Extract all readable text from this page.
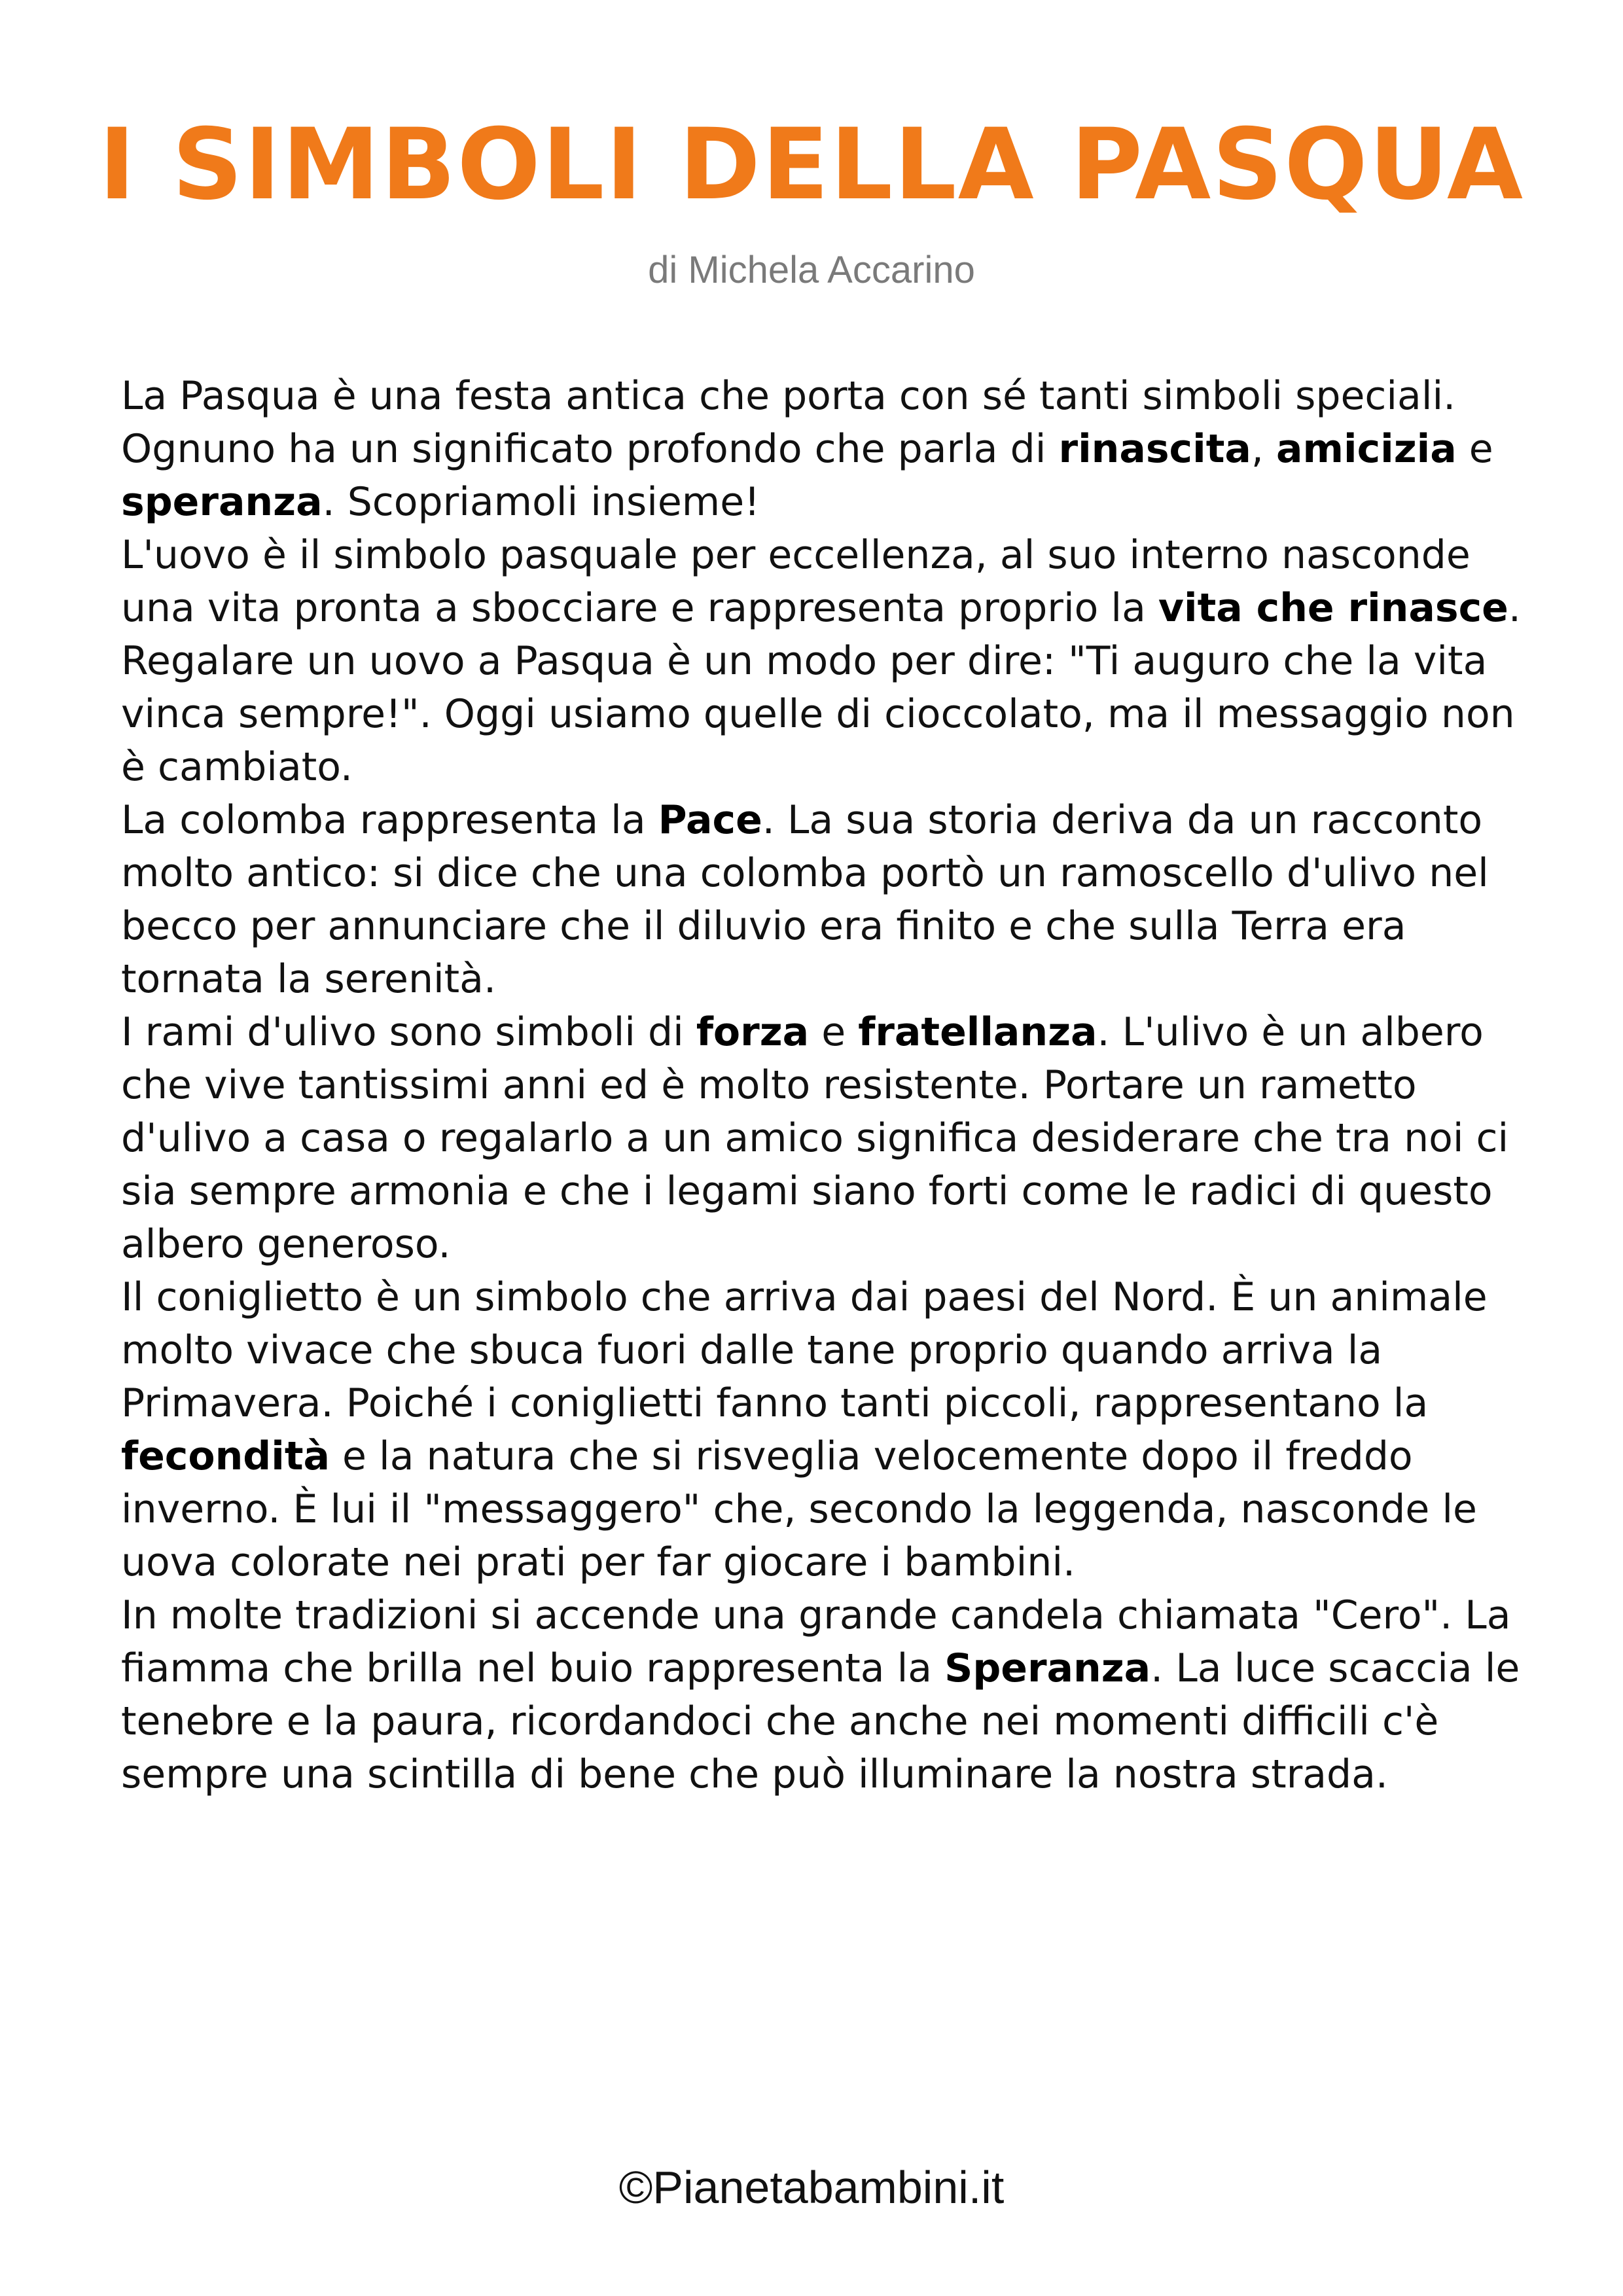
I SIMBOLI DELLA PASQUA
di Michela Accarino

La Pasqua è una festa antica che porta con sé tanti simboli speciali. Ognuno ha un significato profondo che parla di rinascita, amicizia e speranza. Scopriamoli insieme!

L'uovo è il simbolo pasquale per eccellenza, al suo interno nasconde una vita pronta a sbocciare e rappresenta proprio la vita che rinasce. Regalare un uovo a Pasqua è un modo per dire: "Ti auguro che la vita vinca sempre!". Oggi usiamo quelle di cioccolato, ma il messaggio non è cambiato.

La colomba rappresenta la Pace. La sua storia deriva da un racconto molto antico: si dice che una colomba portò un ramoscello d'ulivo nel becco per annunciare che il diluvio era finito e che sulla Terra era tornata la serenità.

I rami d'ulivo sono simboli di forza e fratellanza. L'ulivo è un albero che vive tantissimi anni ed è molto resistente. Portare un rametto d'ulivo a casa o regalarlo a un amico significa desiderare che tra noi ci sia sempre armonia e che i legami siano forti come le radici di questo albero generoso.

Il coniglietto è un simbolo che arriva dai paesi del Nord. È un animale molto vivace che sbuca fuori dalle tane proprio quando arriva la Primavera. Poiché i coniglietti fanno tanti piccoli, rappresentano la fecondità e la natura che si risveglia velocemente dopo il freddo inverno. È lui il "messaggero" che, secondo la leggenda, nasconde le uova colorate nei prati per far giocare i bambini.

In molte tradizioni si accende una grande candela chiamata "Cero". La fiamma che brilla nel buio rappresenta la Speranza. La luce scaccia le tenebre e la paura, ricordandoci che anche nei momenti difficili c'è sempre una scintilla di bene che può illuminare la nostra strada.

©Pianetabambini.it
